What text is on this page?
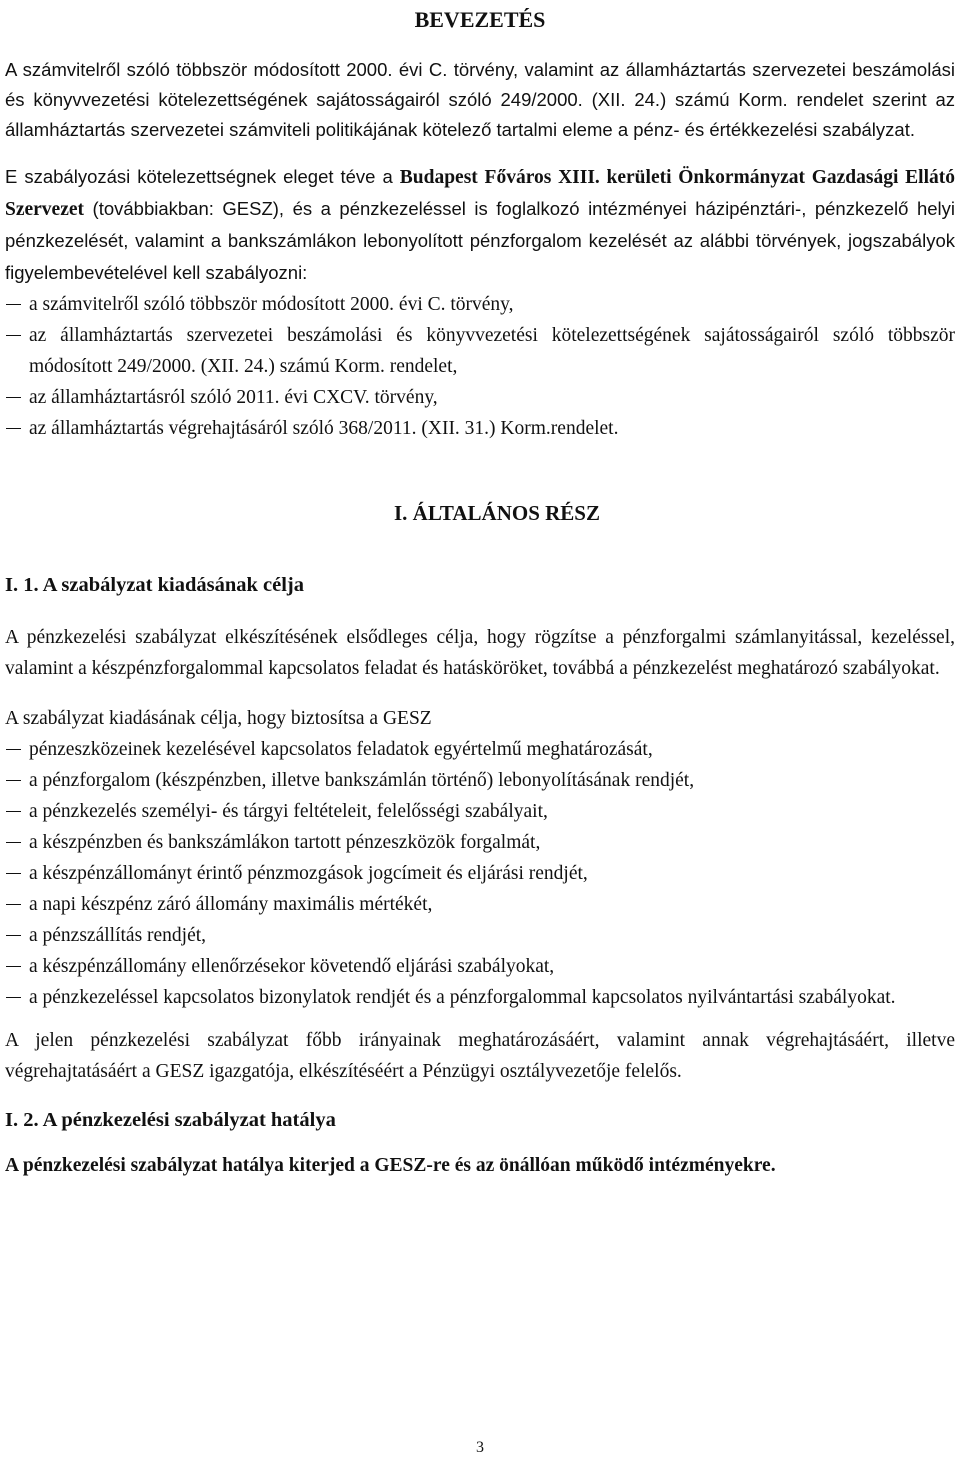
BEVEZETÉS

A számvitelről szóló többször módosított 2000. évi C. törvény, valamint az államháztartás szervezetei beszámolási és könyvvezetési kötelezettségének sajátosságairól szóló 249/2000. (XII. 24.) számú Korm. rendelet szerint az államháztartás szervezetei számviteli politikájának kötelező tartalmi eleme a pénz- és értékkezelési szabályzat.

E szabályozási kötelezettségnek eleget téve a Budapest Főváros XIII. kerületi Önkormányzat Gazdasági Ellátó Szervezet (továbbiakban: GESZ), és a pénzkezeléssel is foglalkozó intézményei házipénztári-, pénzkezelő helyi pénzkezelését, valamint a bankszámlákon lebonyolított pénzforgalom kezelését az alábbi törvények, jogszabályok figyelembevételével kell szabályozni:

a számvitelről szóló többször módosított 2000. évi C. törvény,
az államháztartás szervezetei beszámolási és könyvvezetési kötelezettségének sajátosságairól szóló többször módosított 249/2000. (XII. 24.) számú Korm. rendelet,
az államháztartásról szóló 2011. évi CXCV. törvény,
az államháztartás végrehajtásáról szóló 368/2011. (XII. 31.) Korm.rendelet.
I. ÁLTALÁNOS RÉSZ
I. 1. A szabályzat kiadásának célja

A pénzkezelési szabályzat elkészítésének elsődleges célja, hogy rögzítse a pénzforgalmi számlanyitással, kezeléssel, valamint a készpénzforgalommal kapcsolatos feladat és hatásköröket, továbbá a pénzkezelést meghatározó szabályokat.

A szabályzat kiadásának célja, hogy biztosítsa a GESZ

pénzeszközeinek kezelésével kapcsolatos feladatok egyértelmű meghatározását,
a pénzforgalom (készpénzben, illetve bankszámlán történő) lebonyolításának rendjét,
a pénzkezelés személyi- és tárgyi feltételeit, felelősségi szabályait,
a készpénzben és bankszámlákon tartott pénzeszközök forgalmát,
a készpénzállományt érintő pénzmozgások jogcímeit és eljárási rendjét,
a napi készpénz záró állomány maximális mértékét,
a pénzszállítás rendjét,
a készpénzállomány ellenőrzésekor követendő eljárási szabályokat,
a pénzkezeléssel kapcsolatos bizonylatok rendjét és a pénzforgalommal kapcsolatos nyilvántartási szabályokat.

A jelen pénzkezelési szabályzat főbb irányainak meghatározásáért, valamint annak végrehajtásáért, illetve végrehajtatásáért a GESZ igazgatója, elkészítéséért a Pénzügyi osztályvezetője felelős.

I. 2. A pénzkezelési szabályzat hatálya

A pénzkezelési szabályzat hatálya kiterjed a GESZ-re és az önállóan működő intézményekre.

3
